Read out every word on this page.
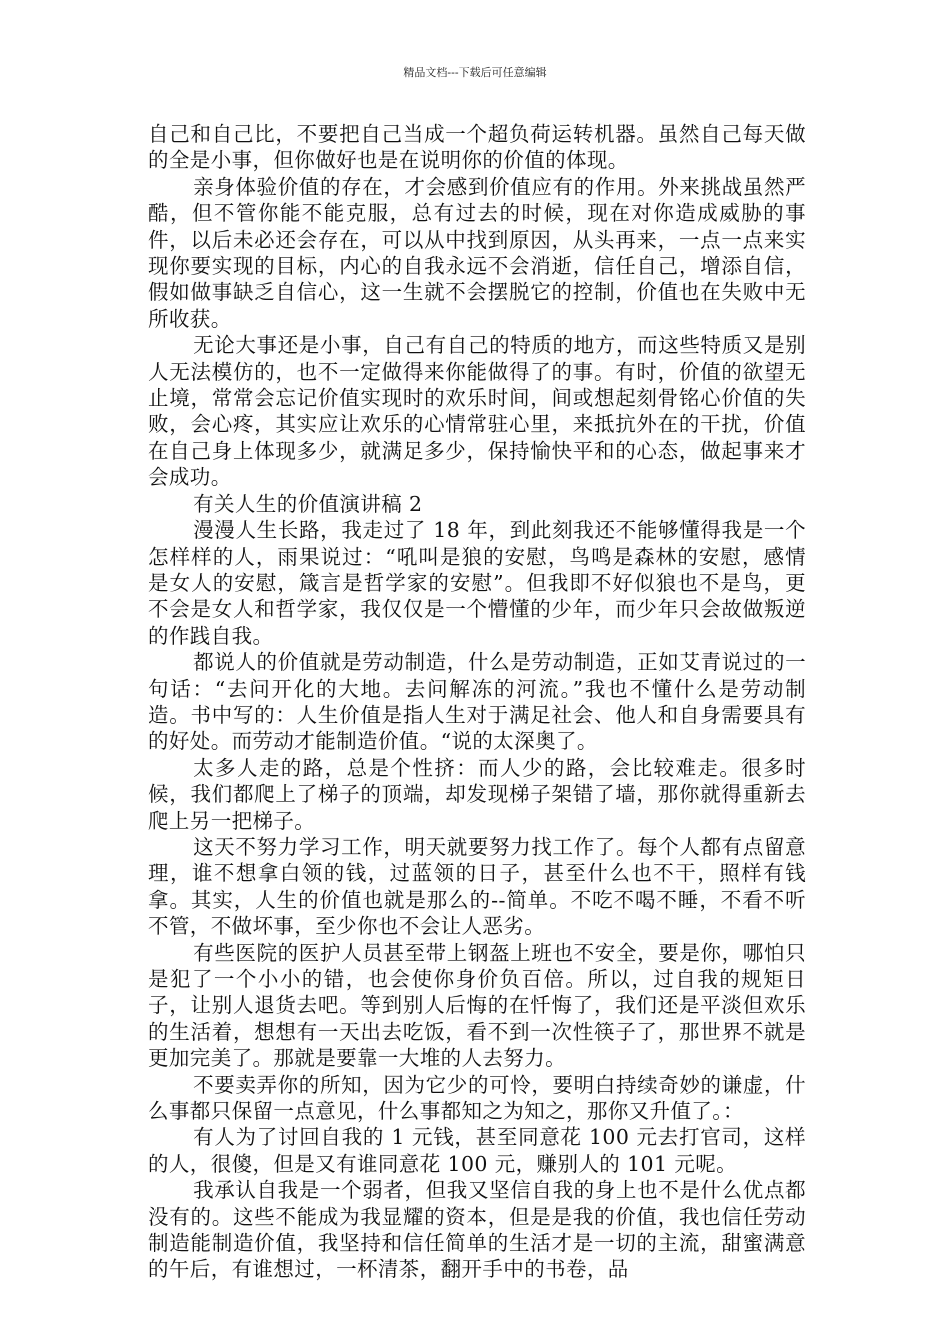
精品文档---下载后可任意编辑

自己和自己比，不要把自己当成一个超负荷运转机器。虽然自己每天做的全是小事，但你做好也是在说明你的价值的体现。

亲身体验价值的存在，才会感到价值应有的作用。外来挑战虽然严酷，但不管你能不能克服，总有过去的时候，现在对你造成威胁的事件，以后未必还会存在，可以从中找到原因，从头再来，一点一点来实现你要实现的目标，内心的自我永远不会消逝，信任自己，增添自信，假如做事缺乏自信心，这一生就不会摆脱它的控制，价值也在失败中无所收获。

无论大事还是小事，自己有自己的特质的地方，而这些特质又是别人无法模仿的，也不一定做得来你能做得了的事。有时，价值的欲望无止境，常常会忘记价值实现时的欢乐时间，间或想起刻骨铭心价值的失败，会心疼，其实应让欢乐的心情常驻心里，来抵抗外在的干扰，价值在自己身上体现多少，就满足多少，保持愉快平和的心态，做起事来才会成功。

有关人生的价值演讲稿 2

漫漫人生长路，我走过了 18 年，到此刻我还不能够懂得我是一个怎样样的人，雨果说过：“吼叫是狼的安慰，鸟鸣是森林的安慰，感情是女人的安慰，箴言是哲学家的安慰”。但我即不好似狼也不是鸟，更不会是女人和哲学家，我仅仅是一个懵懂的少年，而少年只会故做叛逆的作践自我。

都说人的价值就是劳动制造，什么是劳动制造，正如艾青说过的一句话：“去问开化的大地。去问解冻的河流。”我也不懂什么是劳动制造。书中写的：人生价值是指人生对于满足社会、他人和自身需要具有的好处。而劳动才能制造价值。“说的太深奥了。

太多人走的路，总是个性挤：而人少的路，会比较难走。很多时候，我们都爬上了梯子的顶端，却发现梯子架错了墙，那你就得重新去爬上另一把梯子。

这天不努力学习工作，明天就要努力找工作了。每个人都有点留意理，谁不想拿白领的钱，过蓝领的日子，甚至什么也不干，照样有钱拿。其实，人生的价值也就是那么的--简单。不吃不喝不睡，不看不听不管，不做坏事，至少你也不会让人恶劣。

有些医院的医护人员甚至带上钢盔上班也不安全，要是你，哪怕只是犯了一个小小的错，也会使你身价负百倍。所以，过自我的规矩日子，让别人退货去吧。等到别人后悔的在忏悔了，我们还是平淡但欢乐的生活着，想想有一天出去吃饭，看不到一次性筷子了，那世界不就是更加完美了。那就是要靠一大堆的人去努力。

不要卖弄你的所知，因为它少的可怜，要明白持续奇妙的谦虚，什么事都只保留一点意见，什么事都知之为知之，那你又升值了。：

有人为了讨回自我的 1 元钱，甚至同意花 100 元去打官司，这样的人，很傻，但是又有谁同意花 100 元，赚别人的 101 元呢。

我承认自我是一个弱者，但我又坚信自我的身上也不是什么优点都没有的。这些不能成为我显耀的资本，但是是我的价值，我也信任劳动制造能制造价值，我坚持和信任简单的生活才是一切的主流，甜蜜满意的午后，有谁想过，一杯清茶，翻开手中的书卷，品
